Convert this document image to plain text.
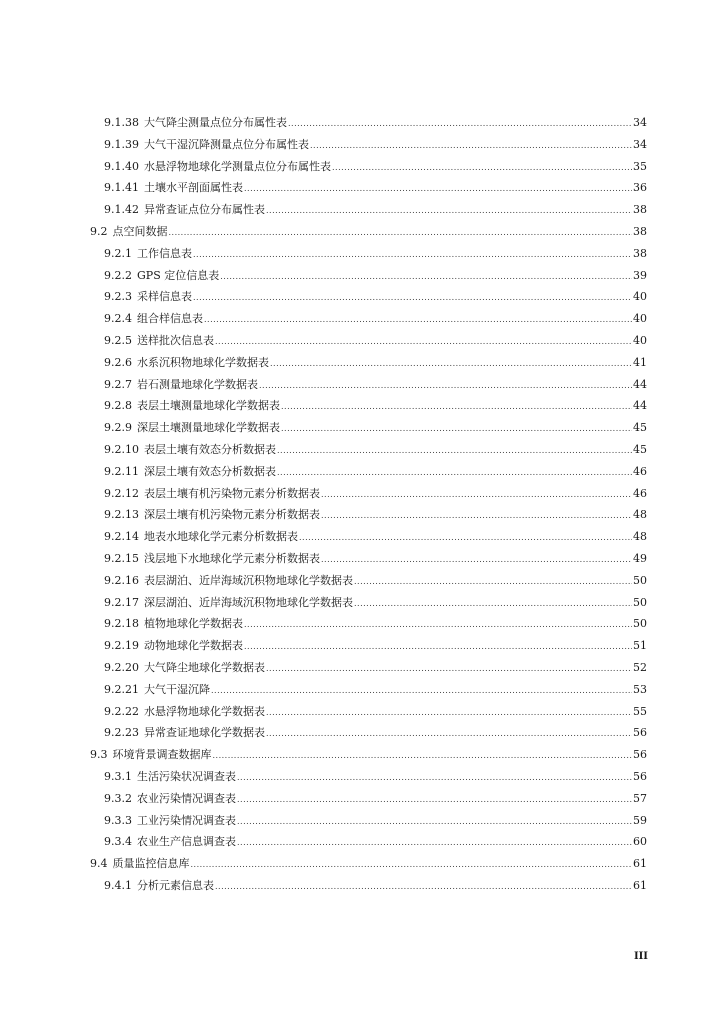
9.1.38 大气降尘测量点位分布属性表 .....	34
9.1.39 大气干湿沉降测量点位分布属性表 .....	34
9.1.40 水悬浮物地球化学测量点位分布属性表 .....	35
9.1.41 土壤水平剖面属性表 .....	36
9.1.42 异常查证点位分布属性表 .....	38
9.2 点空间数据 .....	38
9.2.1 工作信息表 .....	38
9.2.2 GPS 定位信息表 .....	39
9.2.3 采样信息表 .....	40
9.2.4 组合样信息表 .....	40
9.2.5 送样批次信息表 .....	40
9.2.6 水系沉积物地球化学数据表 .....	41
9.2.7 岩石测量地球化学数据表 .....	44
9.2.8 表层土壤测量地球化学数据表 .....	44
9.2.9 深层土壤测量地球化学数据表 .....	45
9.2.10 表层土壤有效态分析数据表 .....	45
9.2.11 深层土壤有效态分析数据表 .....	46
9.2.12 表层土壤有机污染物元素分析数据表 .....	46
9.2.13 深层土壤有机污染物元素分析数据表 .....	48
9.2.14 地表水地球化学元素分析数据表 .....	48
9.2.15 浅层地下水地球化学元素分析数据表 .....	49
9.2.16 表层湖泊、近岸海域沉积物地球化学数据表 .....	50
9.2.17 深层湖泊、近岸海域沉积物地球化学数据表 .....	50
9.2.18 植物地球化学数据表 .....	50
9.2.19 动物地球化学数据表 .....	51
9.2.20 大气降尘地球化学数据表 .....	52
9.2.21 大气干湿沉降 .....	53
9.2.22 水悬浮物地球化学数据表 .....	55
9.2.23 异常查证地球化学数据表 .....	56
9.3 环境背景调查数据库 .....	56
9.3.1 生活污染状况调查表 .....	56
9.3.2 农业污染情况调查表 .....	57
9.3.3 工业污染情况调查表 .....	59
9.3.4 农业生产信息调查表 .....	60
9.4 质量监控信息库 .....	61
9.4.1 分析元素信息表 .....	61
III
